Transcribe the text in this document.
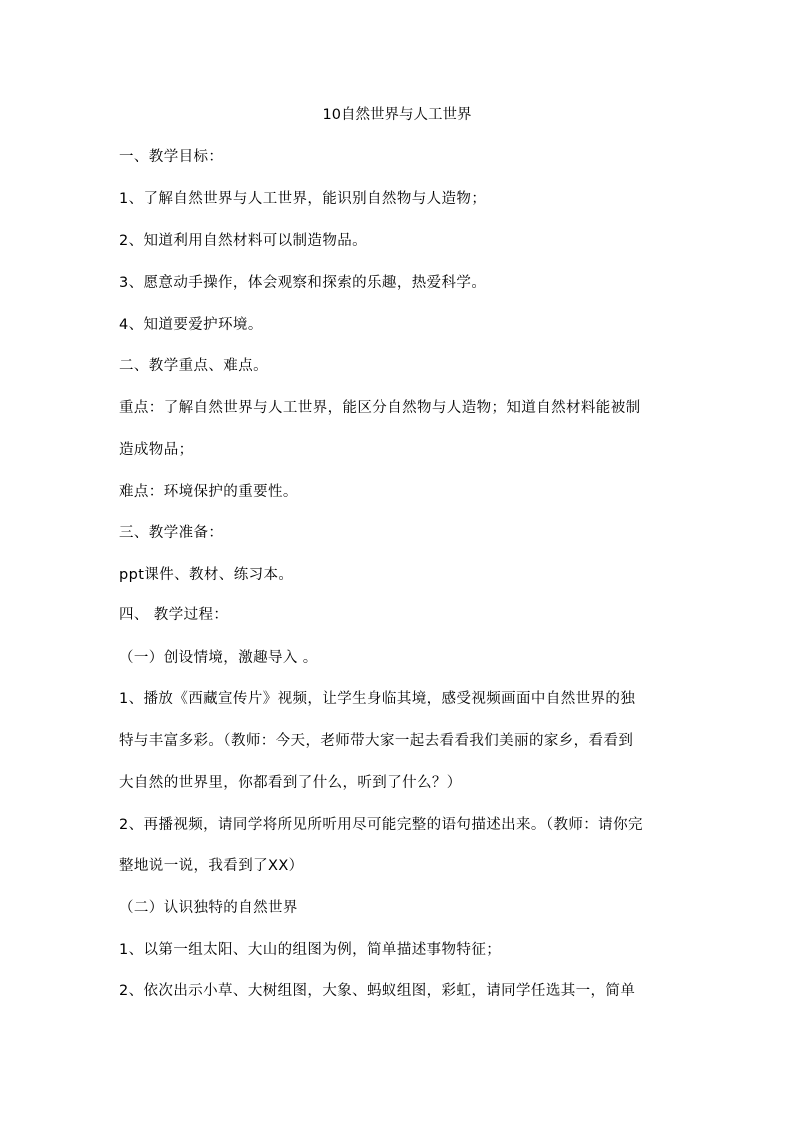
10自然世界与人工世界
一、教学目标：
1、了解自然世界与人工世界，能识别自然物与人造物；
2、知道利用自然材料可以制造物品。
3、愿意动手操作，体会观察和探索的乐趣，热爱科学。
4、知道要爱护环境。
二、教学重点、难点。
重点：了解自然世界与人工世界，能区分自然物与人造物；知道自然材料能被制
造成物品；
难点：环境保护的重要性。
三、教学准备：
ppt课件、教材、练习本。
四、 教学过程：
（一）创设情境，激趣导入 。
1、播放《西藏宣传片》视频，让学生身临其境，感受视频画面中自然世界的独
特与丰富多彩。（教师：今天，老师带大家一起去看看我们美丽的家乡，看看到
大自然的世界里，你都看到了什么，听到了什么？）
2、再播视频，请同学将所见所听用尽可能完整的语句描述出来。（教师：请你完
整地说一说，我看到了XX）
（二）认识独特的自然世界
1、以第一组太阳、大山的组图为例，简单描述事物特征；
2、依次出示小草、大树组图，大象、蚂蚁组图，彩虹，请同学任选其一，简单
